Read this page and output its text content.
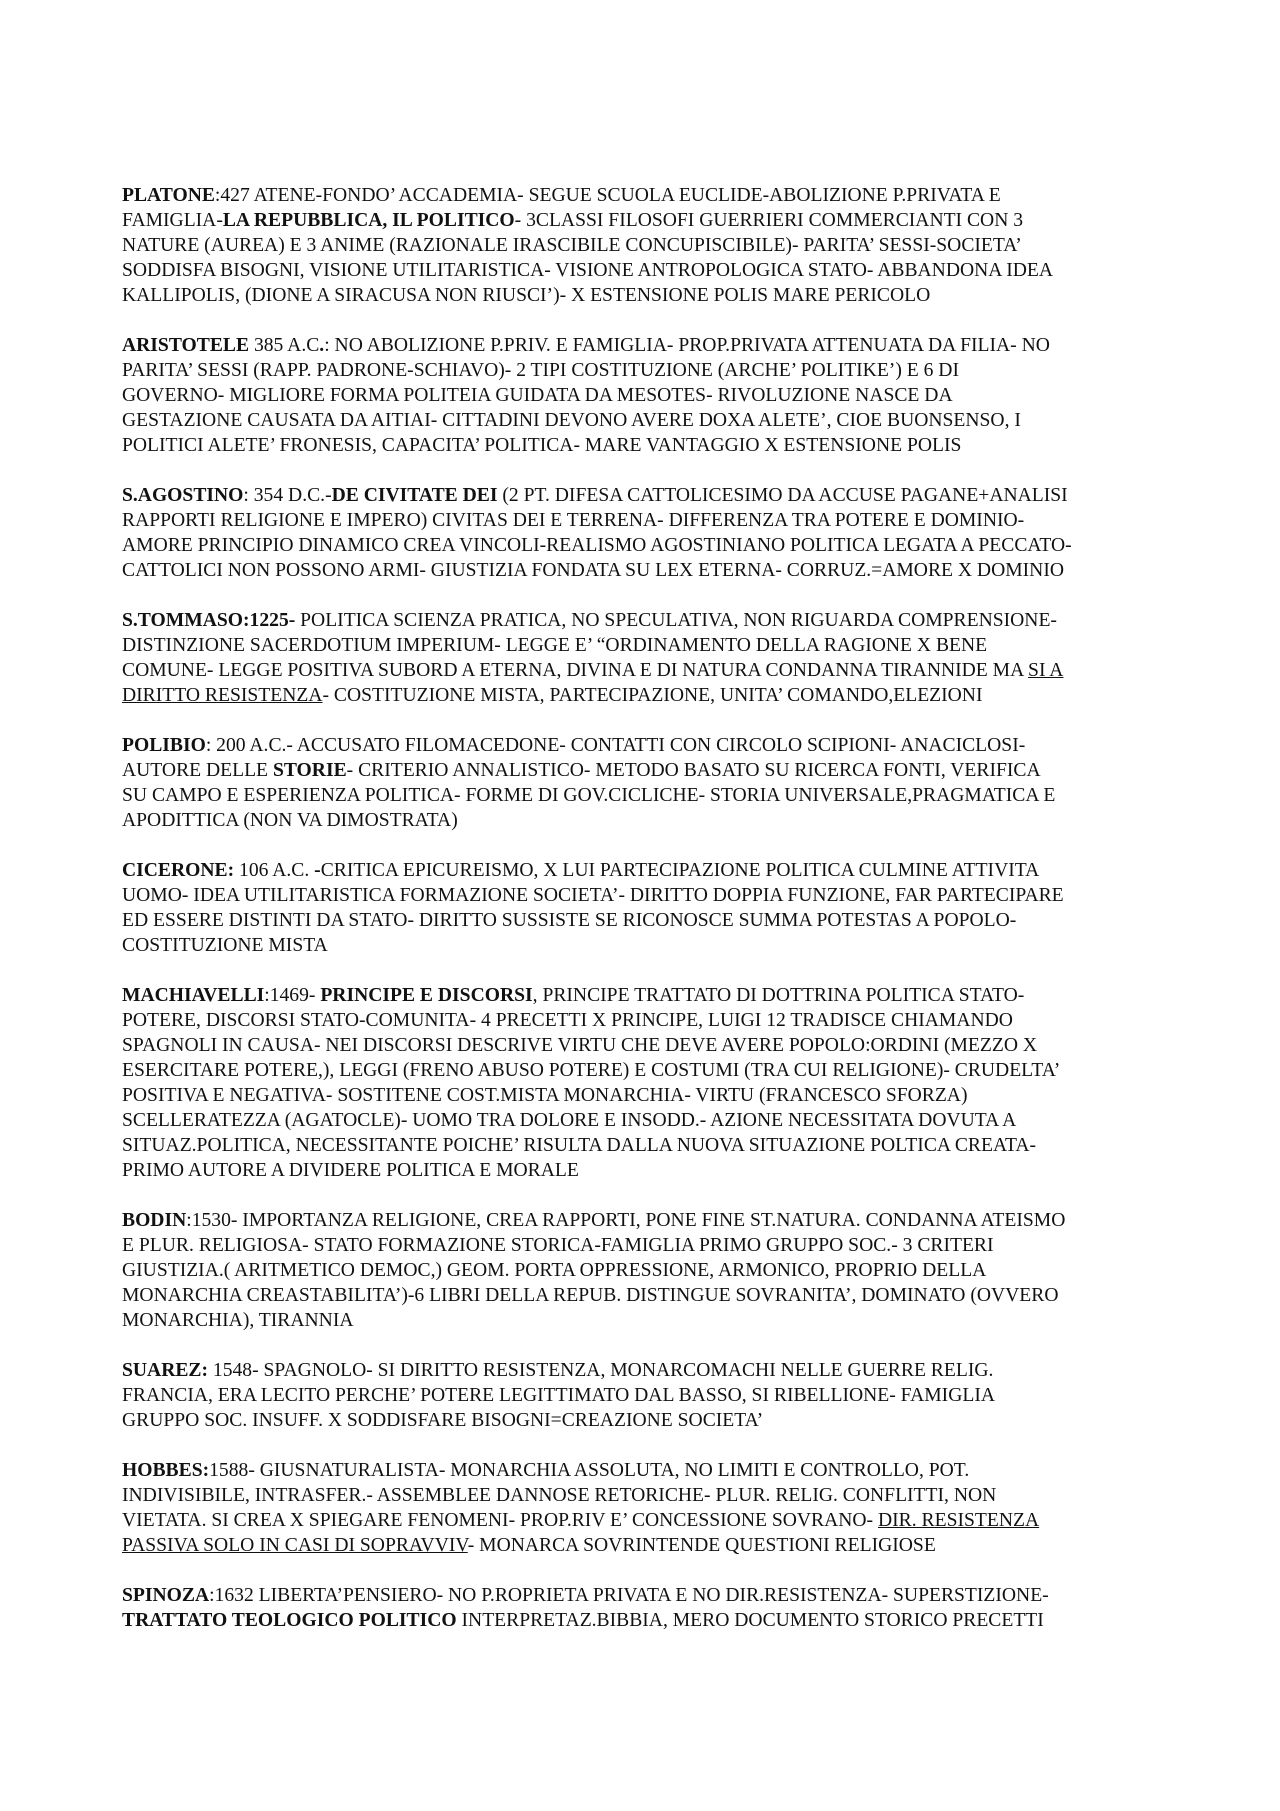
PLATONE:427 ATENE-FONDO’ ACCADEMIA- SEGUE SCUOLA EUCLIDE-ABOLIZIONE P.PRIVATA E
FAMIGLIA-LA REPUBBLICA, IL POLITICO- 3CLASSI FILOSOFI GUERRIERI COMMERCIANTI CON 3
NATURE (AUREA) E 3 ANIME (RAZIONALE IRASCIBILE CONCUPISCIBILE)- PARITA’ SESSI-SOCIETA’
SODDISFA BISOGNI, VISIONE UTILITARISTICA- VISIONE ANTROPOLOGICA STATO- ABBANDONA IDEA
KALLIPOLIS, (DIONE A SIRACUSA NON RIUSCI’)- X ESTENSIONE POLIS MARE PERICOLO
ARISTOTELE 385 A.C.: NO ABOLIZIONE P.PRIV. E FAMIGLIA- PROP.PRIVATA ATTENUATA DA FILIA- NO
PARITA’ SESSI (RAPP. PADRONE-SCHIAVO)- 2 TIPI COSTITUZIONE (ARCHE’ POLITIKE’) E 6 DI
GOVERNO- MIGLIORE FORMA POLITEIA GUIDATA DA MESOTES- RIVOLUZIONE NASCE DA
GESTAZIONE CAUSATA DA AITIAI- CITTADINI DEVONO AVERE DOXA ALETE’, CIOE BUONSENSO, I
POLITICI ALETE’ FRONESIS, CAPACITA’ POLITICA- MARE VANTAGGIO X ESTENSIONE POLIS
S.AGOSTINO: 354 D.C.-DE CIVITATE DEI (2 PT. DIFESA CATTOLICESIMO DA ACCUSE PAGANE+ANALISI
RAPPORTI RELIGIONE E IMPERO) CIVITAS DEI E TERRENA- DIFFERENZA TRA POTERE E DOMINIO-
AMORE PRINCIPIO DINAMICO CREA VINCOLI-REALISMO AGOSTINIANO POLITICA LEGATA A PECCATO-
CATTOLICI NON POSSONO ARMI- GIUSTIZIA FONDATA SU LEX ETERNA- CORRUZ.=AMORE X DOMINIO
S.TOMMASO:1225- POLITICA SCIENZA PRATICA, NO SPECULATIVA, NON RIGUARDA COMPRENSIONE-
DISTINZIONE SACERDOTIUM IMPERIUM- LEGGE E’ “ORDINAMENTO DELLA RAGIONE X BENE
COMUNE- LEGGE POSITIVA SUBORD A ETERNA, DIVINA E DI NATURA CONDANNA TIRANNIDE MA SI A
DIRITTO RESISTENZA- COSTITUZIONE MISTA, PARTECIPAZIONE, UNITA’ COMANDO,ELEZIONI
POLIBIO: 200 A.C.- ACCUSATO FILOMACEDONE- CONTATTI CON CIRCOLO SCIPIONI- ANACICLOSI-
AUTORE DELLE STORIE- CRITERIO ANNALISTICO- METODO BASATO SU RICERCA FONTI, VERIFICA
SU CAMPO E ESPERIENZA POLITICA- FORME DI GOV.CICLICHE- STORIA UNIVERSALE,PRAGMATICA E
APODITTICA (NON VA DIMOSTRATA)
CICERONE: 106 A.C. -CRITICA EPICUREISMO, X LUI PARTECIPAZIONE POLITICA CULMINE ATTIVITA
UOMO- IDEA UTILITARISTICA FORMAZIONE SOCIETA’- DIRITTO DOPPIA FUNZIONE, FAR PARTECIPARE
ED ESSERE DISTINTI DA STATO- DIRITTO SUSSISTE SE RICONOSCE SUMMA POTESTAS A POPOLO-
COSTITUZIONE MISTA
MACHIAVELLI:1469- PRINCIPE E DISCORSI, PRINCIPE TRATTATO DI DOTTRINA POLITICA STATO-
POTERE, DISCORSI STATO-COMUNITA- 4 PRECETTI X PRINCIPE, LUIGI 12 TRADISCE CHIAMANDO
SPAGNOLI IN CAUSA- NEI DISCORSI DESCRIVE VIRTU CHE DEVE AVERE POPOLO:ORDINI (MEZZO X
ESERCITARE POTERE,), LEGGI (FRENO ABUSO POTERE) E COSTUMI (TRA CUI RELIGIONE)- CRUDELTA’
POSITIVA E NEGATIVA- SOSTITENE COST.MISTA MONARCHIA- VIRTU (FRANCESCO SFORZA)
SCELLERATEZZA (AGATOCLE)- UOMO TRA DOLORE E INSODD.- AZIONE NECESSITATA DOVUTA A
SITUAZ.POLITICA, NECESSITANTE POICHE’ RISULTA DALLA NUOVA SITUAZIONE POLTICA CREATA-
PRIMO AUTORE A DIVIDERE POLITICA E MORALE
BODIN:1530- IMPORTANZA RELIGIONE, CREA RAPPORTI, PONE FINE ST.NATURA. CONDANNA ATEISMO
E PLUR. RELIGIOSA- STATO FORMAZIONE STORICA-FAMIGLIA PRIMO GRUPPO SOC.- 3 CRITERI
GIUSTIZIA.( ARITMETICO DEMOC,) GEOM. PORTA OPPRESSIONE, ARMONICO, PROPRIO DELLA
MONARCHIA CREASTABILITA’)-6 LIBRI DELLA REPUB. DISTINGUE SOVRANITA’, DOMINATO (OVVERO
MONARCHIA), TIRANNIA
SUAREZ: 1548- SPAGNOLO- SI DIRITTO RESISTENZA, MONARCOMACHI NELLE GUERRE RELIG.
FRANCIA, ERA LECITO PERCHE’ POTERE LEGITTIMATO DAL BASSO, SI RIBELLIONE- FAMIGLIA
GRUPPO SOC. INSUFF. X SODDISFARE BISOGNI=CREAZIONE SOCIETA’
HOBBES:1588- GIUSNATURALISTA- MONARCHIA ASSOLUTA, NO LIMITI E CONTROLLO, POT.
INDIVISIBILE, INTRASFER.- ASSEMBLEE DANNOSE RETORICHE- PLUR. RELIG. CONFLITTI, NON
VIETATA. SI CREA X SPIEGARE FENOMENI- PROP.RIV E’ CONCESSIONE SOVRANO- DIR. RESISTENZA
PASSIVA SOLO IN CASI DI SOPRAVVIV- MONARCA SOVRINTENDE QUESTIONI RELIGIOSE
SPINOZA:1632 LIBERTA’PENSIERO- NO P.ROPRIETA PRIVATA E NO DIR.RESISTENZA- SUPERSTIZIONE-
TRATTATO TEOLOGICO POLITICO INTERPRETAZ.BIBBIA, MERO DOCUMENTO STORICO PRECETTI
